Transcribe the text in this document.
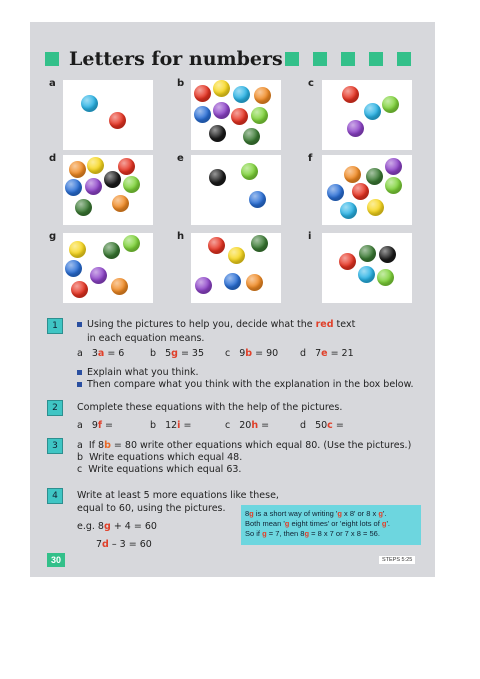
Letters for numbers
a	b	c
d	e	f
g	h	i
1	Using the pictures to help you, decide what the red text
in each equation means.
a 3a = 6	b 5g = 35 c 9b = 90 d 7e = 21
Explain what you think.
Then compare what you think with the explanation in the box below.
2	Complete these equations with the help of the pictures.
a 9f =	b 12i =	c 20h =	d 50c =
3	a If 8b = 80 write other equations which equal 80. (Use the pictures.)
b Write equations which equal 48.
c Write equations which equal 63.
4	Write at least 5 more equations like these,
equal to 60, using the pictures.
e.g. 8g + 4 = 60
7d – 3 = 60
8g is a short way of writing 'g x 8' or 8 x g'.
Both mean 'g eight times' or 'eight lots of g'.
So if g = 7, then 8g = 8 x 7 or 7 x 8 = 56.
30	STEPS 5:25
